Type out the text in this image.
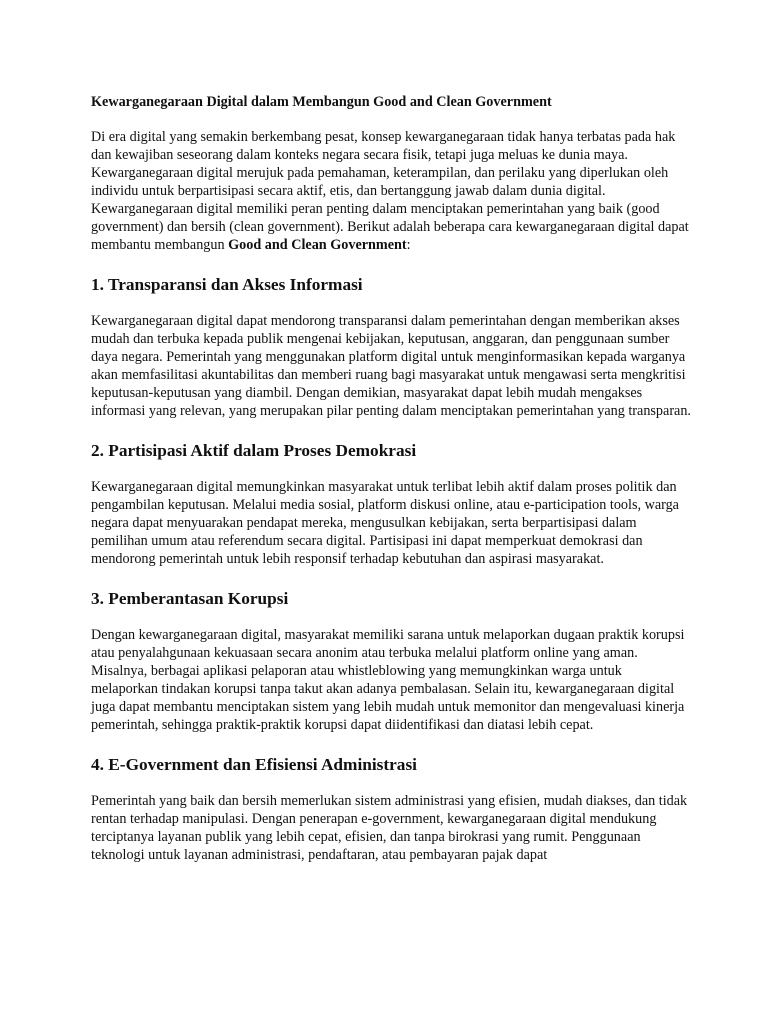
Kewarganegaraan Digital dalam Membangun Good and Clean Government

Di era digital yang semakin berkembang pesat, konsep kewarganegaraan tidak hanya terbatas pada hak dan kewajiban seseorang dalam konteks negara secara fisik, tetapi juga meluas ke dunia maya. Kewarganegaraan digital merujuk pada pemahaman, keterampilan, dan perilaku yang diperlukan oleh individu untuk berpartisipasi secara aktif, etis, dan bertanggung jawab dalam dunia digital. Kewarganegaraan digital memiliki peran penting dalam menciptakan pemerintahan yang baik (good government) dan bersih (clean government). Berikut adalah beberapa cara kewarganegaraan digital dapat membantu membangun Good and Clean Government:

1. Transparansi dan Akses Informasi

Kewarganegaraan digital dapat mendorong transparansi dalam pemerintahan dengan memberikan akses mudah dan terbuka kepada publik mengenai kebijakan, keputusan, anggaran, dan penggunaan sumber daya negara. Pemerintah yang menggunakan platform digital untuk menginformasikan kepada warganya akan memfasilitasi akuntabilitas dan memberi ruang bagi masyarakat untuk mengawasi serta mengkritisi keputusan-keputusan yang diambil. Dengan demikian, masyarakat dapat lebih mudah mengakses informasi yang relevan, yang merupakan pilar penting dalam menciptakan pemerintahan yang transparan.

2. Partisipasi Aktif dalam Proses Demokrasi

Kewarganegaraan digital memungkinkan masyarakat untuk terlibat lebih aktif dalam proses politik dan pengambilan keputusan. Melalui media sosial, platform diskusi online, atau e-participation tools, warga negara dapat menyuarakan pendapat mereka, mengusulkan kebijakan, serta berpartisipasi dalam pemilihan umum atau referendum secara digital. Partisipasi ini dapat memperkuat demokrasi dan mendorong pemerintah untuk lebih responsif terhadap kebutuhan dan aspirasi masyarakat.

3. Pemberantasan Korupsi

Dengan kewarganegaraan digital, masyarakat memiliki sarana untuk melaporkan dugaan praktik korupsi atau penyalahgunaan kekuasaan secara anonim atau terbuka melalui platform online yang aman. Misalnya, berbagai aplikasi pelaporan atau whistleblowing yang memungkinkan warga untuk melaporkan tindakan korupsi tanpa takut akan adanya pembalasan. Selain itu, kewarganegaraan digital juga dapat membantu menciptakan sistem yang lebih mudah untuk memonitor dan mengevaluasi kinerja pemerintah, sehingga praktik-praktik korupsi dapat diidentifikasi dan diatasi lebih cepat.

4. E-Government dan Efisiensi Administrasi

Pemerintah yang baik dan bersih memerlukan sistem administrasi yang efisien, mudah diakses, dan tidak rentan terhadap manipulasi. Dengan penerapan e-government, kewarganegaraan digital mendukung terciptanya layanan publik yang lebih cepat, efisien, dan tanpa birokrasi yang rumit. Penggunaan teknologi untuk layanan administrasi, pendaftaran, atau pembayaran pajak dapat
